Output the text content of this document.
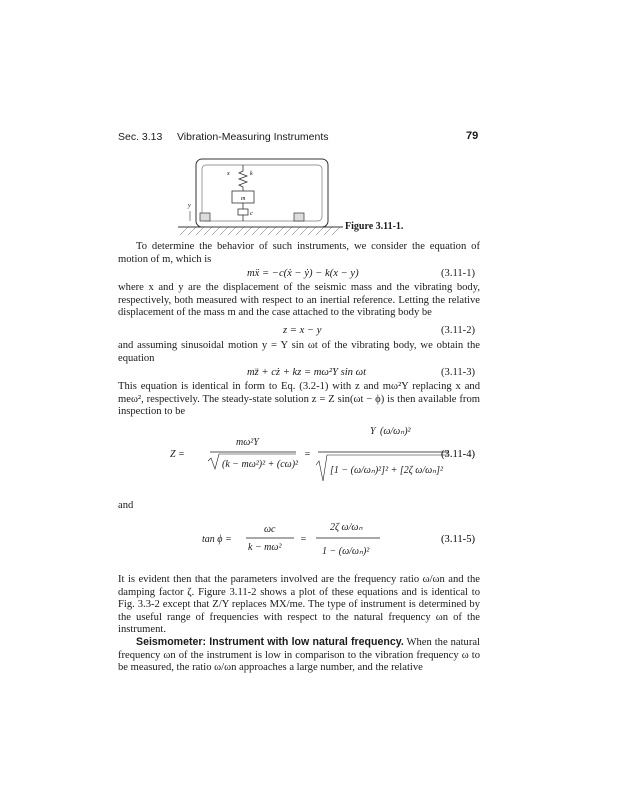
Sec. 3.13 Vibration-Measuring Instruments	79
x	k
m
c
y
Figure 3.11-1.

To determine the behavior of such instruments, we consider the equation of motion of m, which is

mẍ = −c(ẋ − ẏ) − k(x − y)	(3.11-1)

where x and y are the displacement of the seismic mass and the vibrating body, respectively, both measured with respect to an inertial reference. Letting the relative displacement of the mass m and the case attached to the vibrating body be

z = x − y	(3.11-2)

and assuming sinusoidal motion y = Y sin ωt of the vibrating body, we obtain the equation

mz̈ + cż + kz = mω²Y sin ωt	(3.11-3)

This equation is identical in form to Eq. (3.2-1) with z and mω²Y replacing x and meω², respectively. The steady-state solution z = Z sin(ωt − ϕ) is then available from inspection to be

Z =
mω²Y
(k − mω²)² + (cω)²
=
Y (ω/ωₙ)²
[1 − (ω/ωₙ)²]² + [2ζ ω/ωₙ]²
(3.11-4)

and

tan ϕ =
ωc
k − mω²
=
2ζ ω/ωₙ
1 − (ω/ωₙ)²
(3.11-5)

It is evident then that the parameters involved are the frequency ratio ω/ωn and the damping factor ζ. Figure 3.11-2 shows a plot of these equations and is identical to Fig. 3.3-2 except that Z/Y replaces MX/me. The type of instrument is determined by the useful range of frequencies with respect to the natural frequency ωn of the instrument.

Seismometer: Instrument with low natural frequency. When the natural frequency ωn of the instrument is low in comparison to the vibration frequency ω to be measured, the ratio ω/ωn approaches a large number, and the relative
